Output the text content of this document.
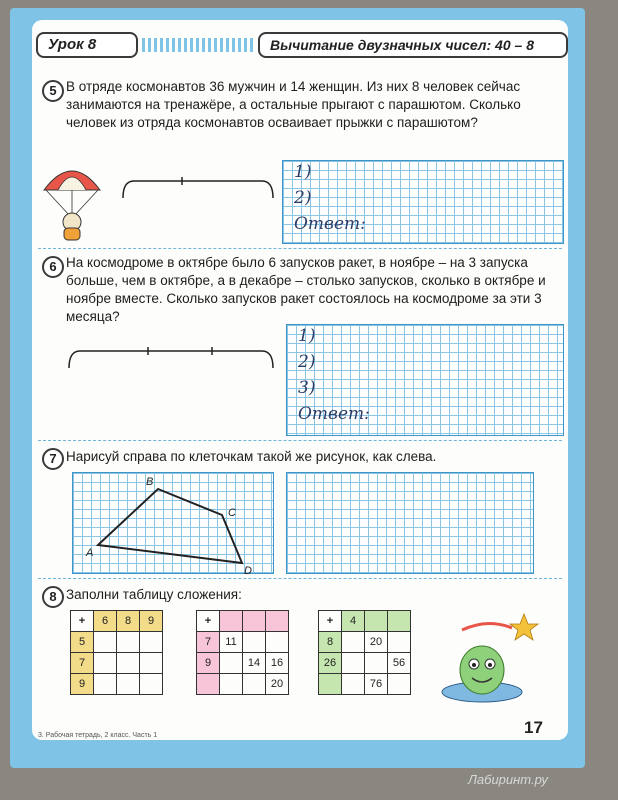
Урок 8	Вычитание двузначных чисел: 40 – 8
5 В отряде космонавтов 36 мужчин и 14 женщин. Из них 8 человек сейчас занимаются на тренажёре, а остальные прыгают с парашютом. Сколько человек из отряда космонавтов осваивает прыжки с парашютом?
1)
2)
Ответ:
6 На космодроме в октябре было 6 запусков ракет, в ноябре – на 3 запуска больше, чем в октябре, а в декабре – столько запусков, сколько в октябре и ноябре вместе. Сколько запусков ракет состоялось на космодроме за эти 3 месяца?
1)
2)
3)
Ответ:
7 Нарисуй справа по клеточкам такой же рисунок, как слева.
A
B
C
D
8 Заполни таблицу сложения:
+	6	8	9
5			
7			
9			
+			
7	11		
9		14	16
			20
+	4		
8		20	
26			56
		76	
3. Рабочая тетрадь, 2 класс. Часть 1	17
Лабиринт.ру
